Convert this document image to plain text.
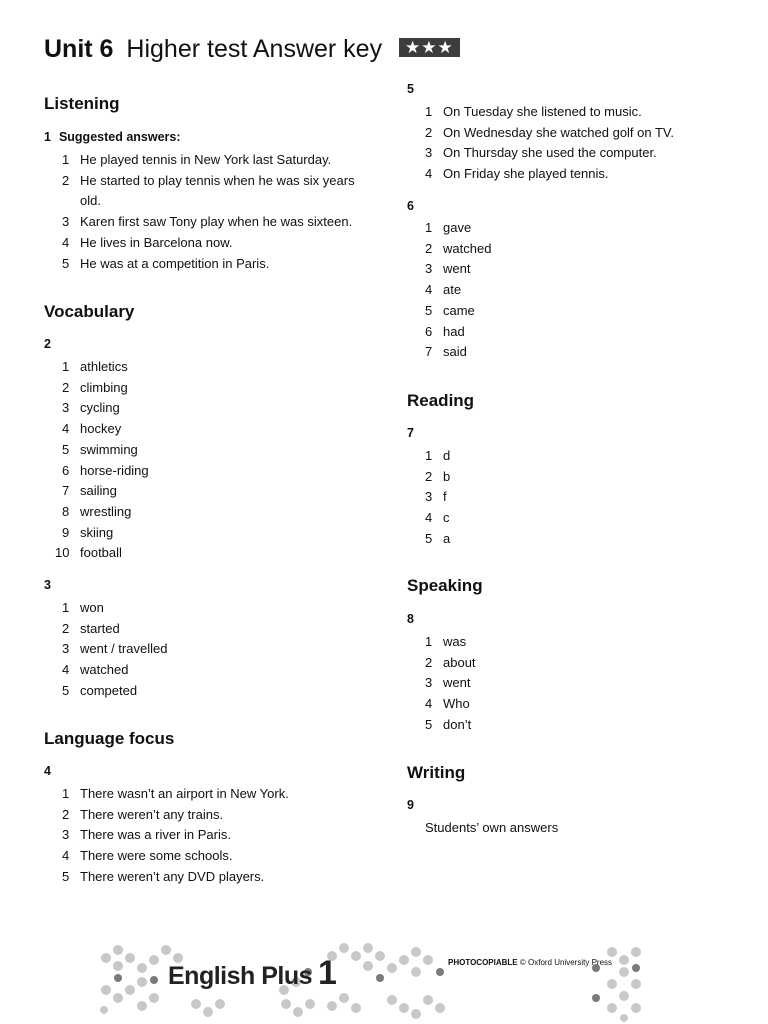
Unit 6 Higher test Answer key ★★★
Listening
1 Suggested answers:
1 He played tennis in New York last Saturday.
2 He started to play tennis when he was six years old.
3 Karen first saw Tony play when he was sixteen.
4 He lives in Barcelona now.
5 He was at a competition in Paris.
Vocabulary
2
1 athletics
2 climbing
3 cycling
4 hockey
5 swimming
6 horse-riding
7 sailing
8 wrestling
9 skiing
10 football
3
1 won
2 started
3 went / travelled
4 watched
5 competed
Language focus
4
1 There wasn’t an airport in New York.
2 There weren’t any trains.
3 There was a river in Paris.
4 There were some schools.
5 There weren’t any DVD players.
5
1 On Tuesday she listened to music.
2 On Wednesday she watched golf on TV.
3 On Thursday she used the computer.
4 On Friday she played tennis.
6
1 gave
2 watched
3 went
4 ate
5 came
6 had
7 said
Reading
7
1 d
2 b
3 f
4 c
5 a
Speaking
8
1 was
2 about
3 went
4 Who
5 don’t
Writing
9
Students’ own answers
English Plus 1	PHOTOCOPIABLE © Oxford University Press
